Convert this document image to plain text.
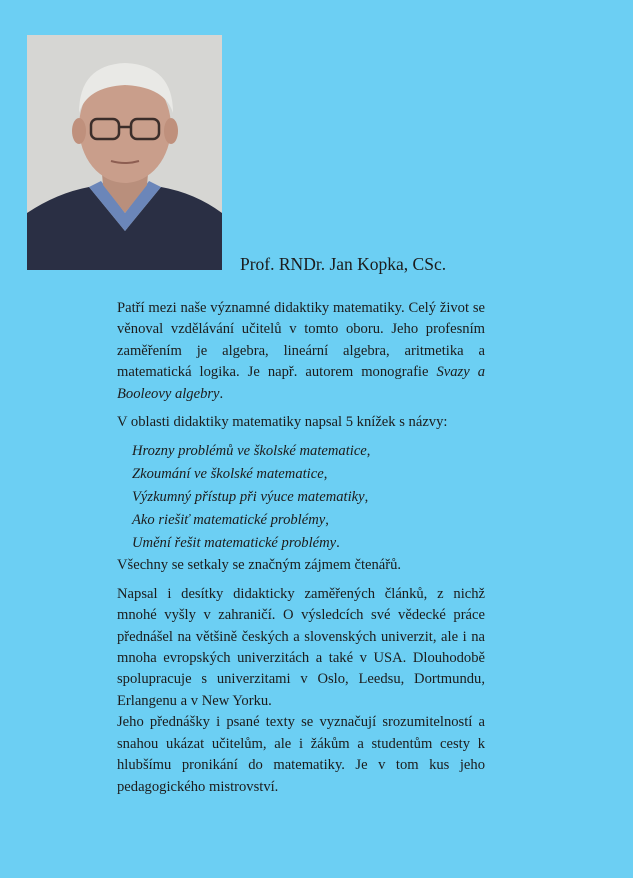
Prof. RNDr. Jan Kopka, CSc.

Patří mezi naše významné didaktiky matematiky. Celý život se věnoval vzdělávání učitelů v tomto oboru. Jeho profesním zaměřením je algebra, lineární algebra, aritmetika a matematická logika. Je např. autorem monografie Svazy a Booleovy algebry.

V oblasti didaktiky matematiky napsal 5 knížek s názvy:

Hrozny problémů ve školské matematice,
Zkoumání ve školské matematice,
Výzkumný přístup při výuce matematiky,
Ako riešiť matematické problémy,
Umění řešit matematické problémy.

Všechny se setkaly se značným zájmem čtenářů.

Napsal i desítky didakticky zaměřených článků, z nichž mnohé vyšly v zahraničí. O výsledcích své vědecké práce přednášel na většině českých a slovenských univerzit, ale i na mnoha evropských univerzitách a také v USA. Dlouhodobě spolupracuje s univerzitami v Oslo, Leedsu, Dortmundu, Erlangenu a v New Yorku.

Jeho přednášky i psané texty se vyznačují srozumitelností a snahou ukázat učitelům, ale i žákům a studentům cesty k hlubšímu pronikání do matematiky. Je v tom kus jeho pedagogického mistrovství.
